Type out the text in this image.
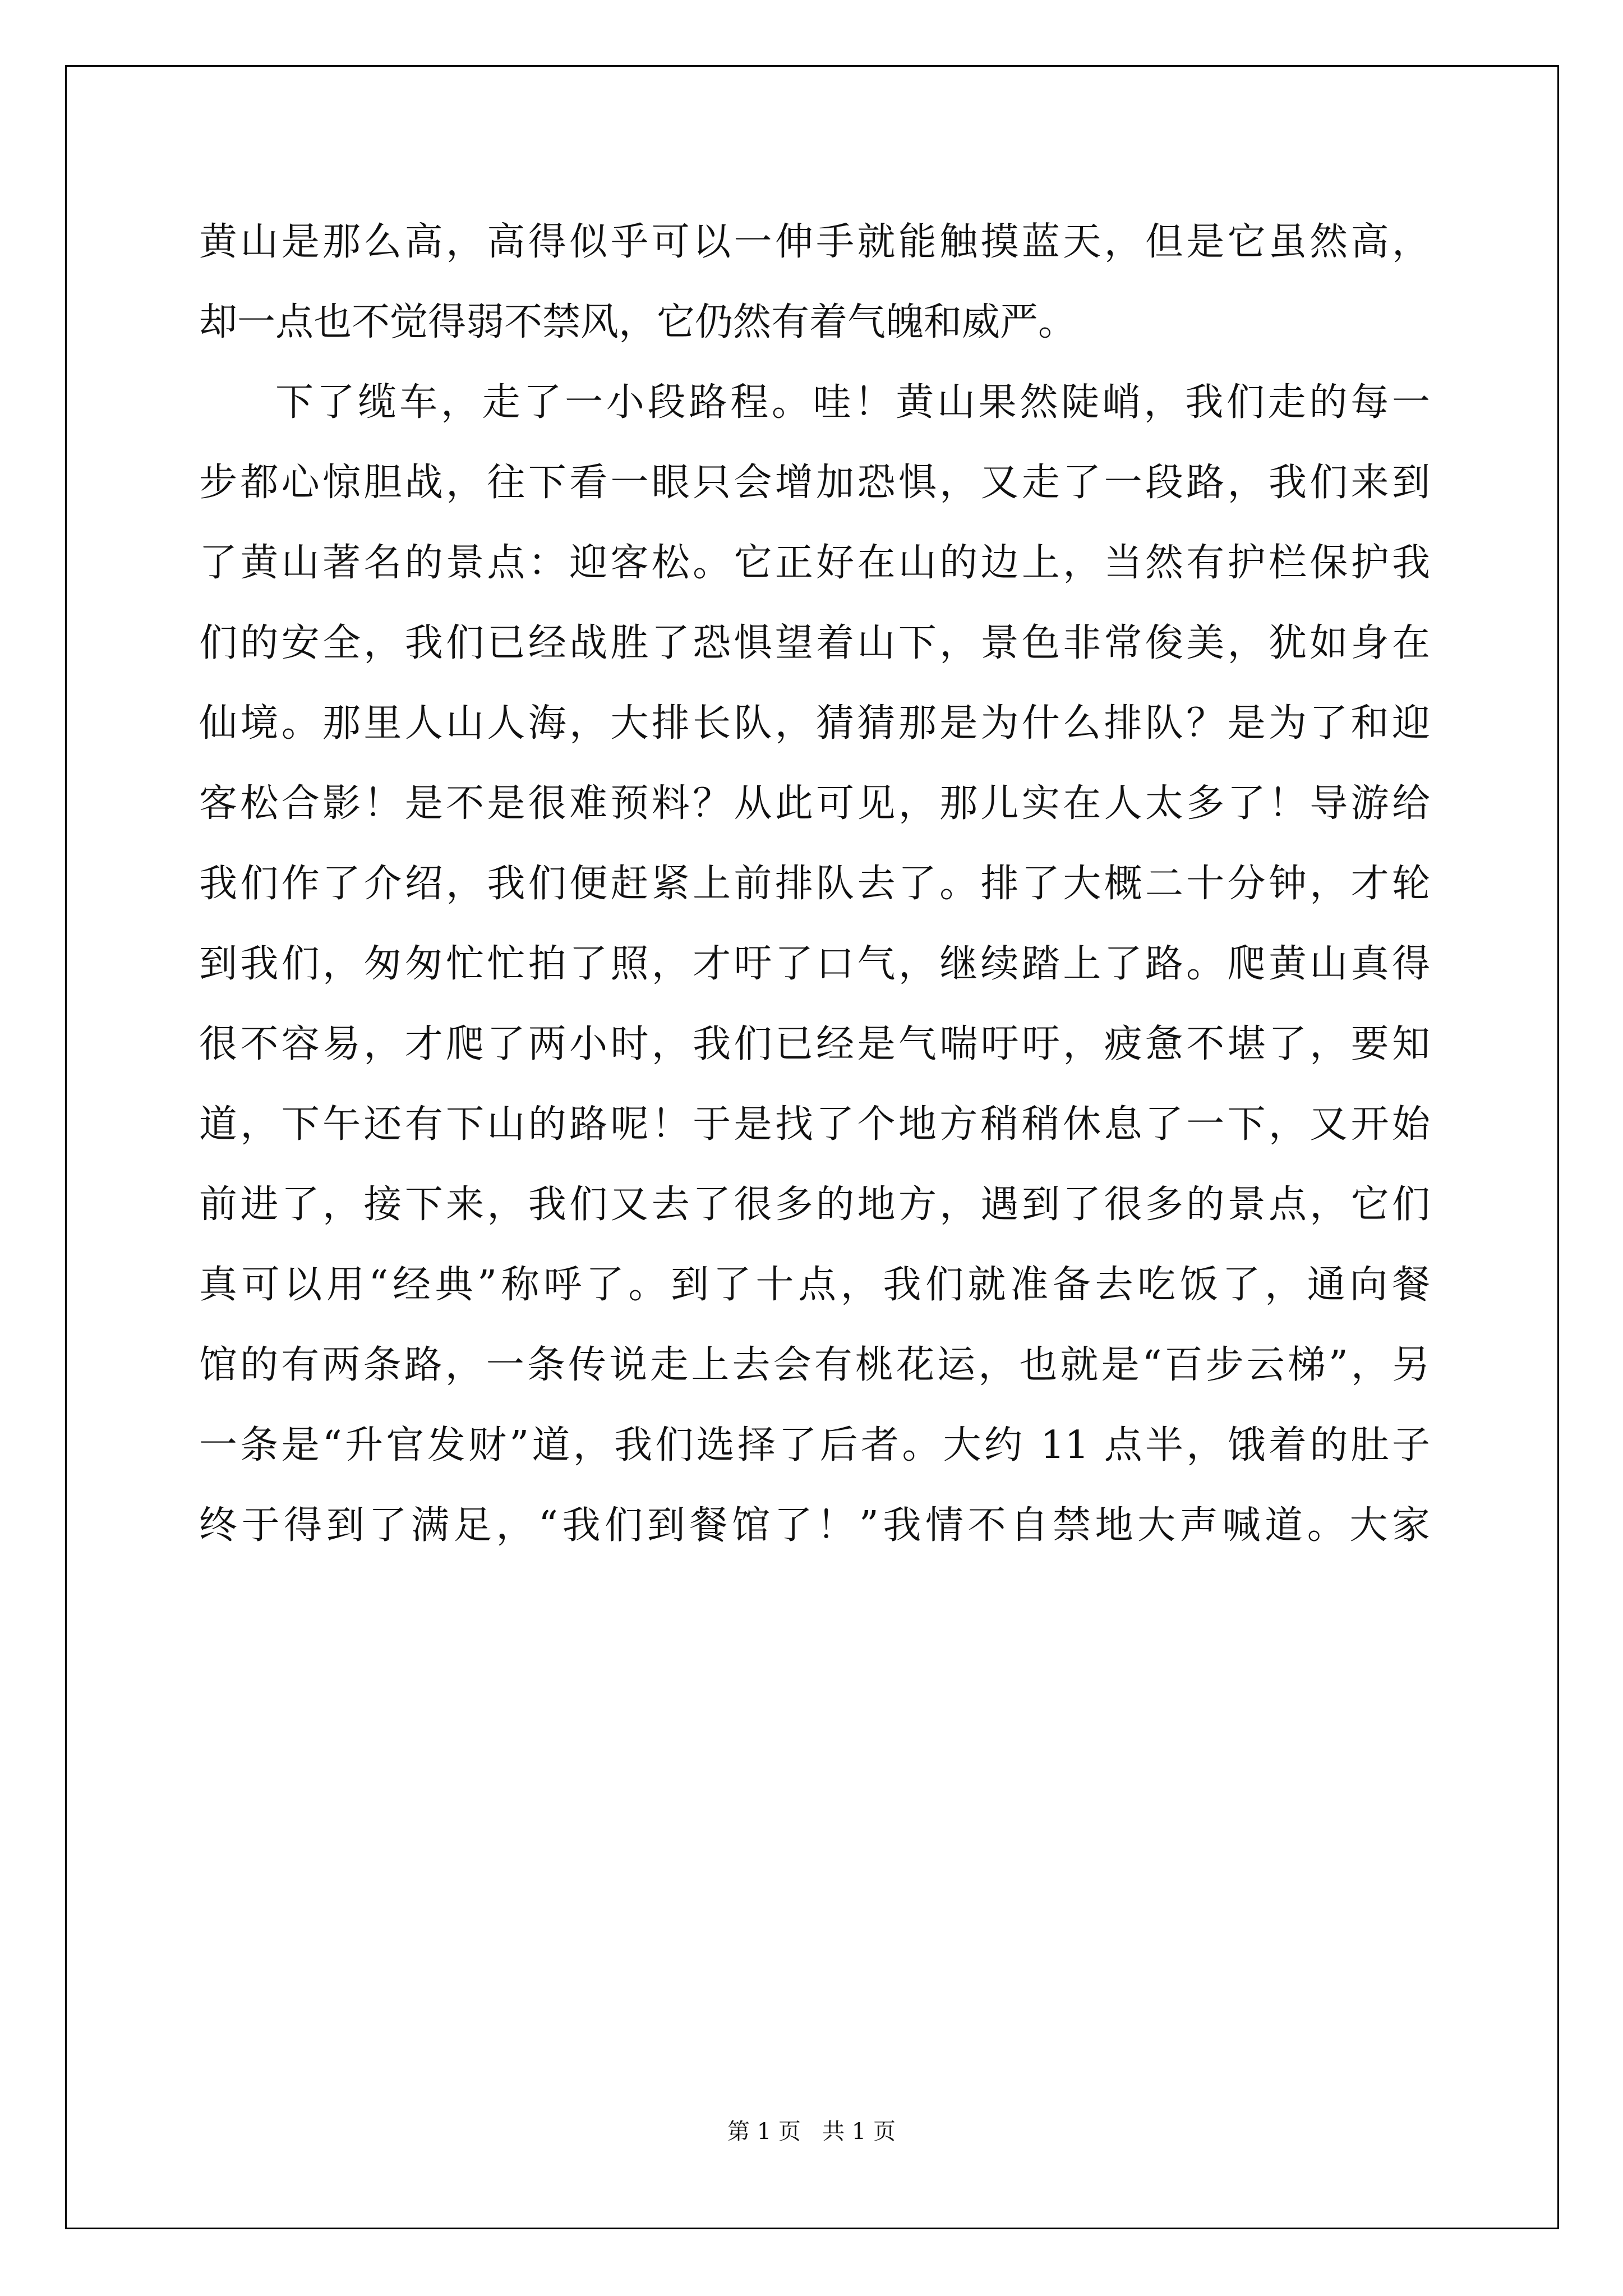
黄山是那么高，高得似乎可以一伸手就能触摸蓝天，但是它虽然高，

却一点也不觉得弱不禁风，它仍然有着气魄和威严。

下了缆车，走了一小段路程。哇！黄山果然陡峭，我们走的每一

步都心惊胆战，往下看一眼只会增加恐惧，又走了一段路，我们来到

了黄山著名的景点：迎客松。它正好在山的边上，当然有护栏保护我

们的安全，我们已经战胜了恐惧望着山下，景色非常俊美，犹如身在

仙境。那里人山人海，大排长队，猜猜那是为什么排队？是为了和迎

客松合影！是不是很难预料？从此可见，那儿实在人太多了！导游给

我们作了介绍，我们便赶紧上前排队去了。排了大概二十分钟，才轮

到我们，匆匆忙忙拍了照，才吁了口气，继续踏上了路。爬黄山真得

很不容易，才爬了两小时，我们已经是气喘吁吁，疲惫不堪了，要知

道，下午还有下山的路呢！于是找了个地方稍稍休息了一下，又开始

前进了，接下来，我们又去了很多的地方，遇到了很多的景点，它们

真可以用“经典”称呼了。到了十点，我们就准备去吃饭了，通向餐

馆的有两条路，一条传说走上去会有桃花运，也就是“百步云梯”，另

一条是“升官发财”道，我们选择了后者。大约 11 点半，饿着的肚子

终于得到了满足，“我们到餐馆了！”我情不自禁地大声喊道。大家

第 1 页   共 1 页
